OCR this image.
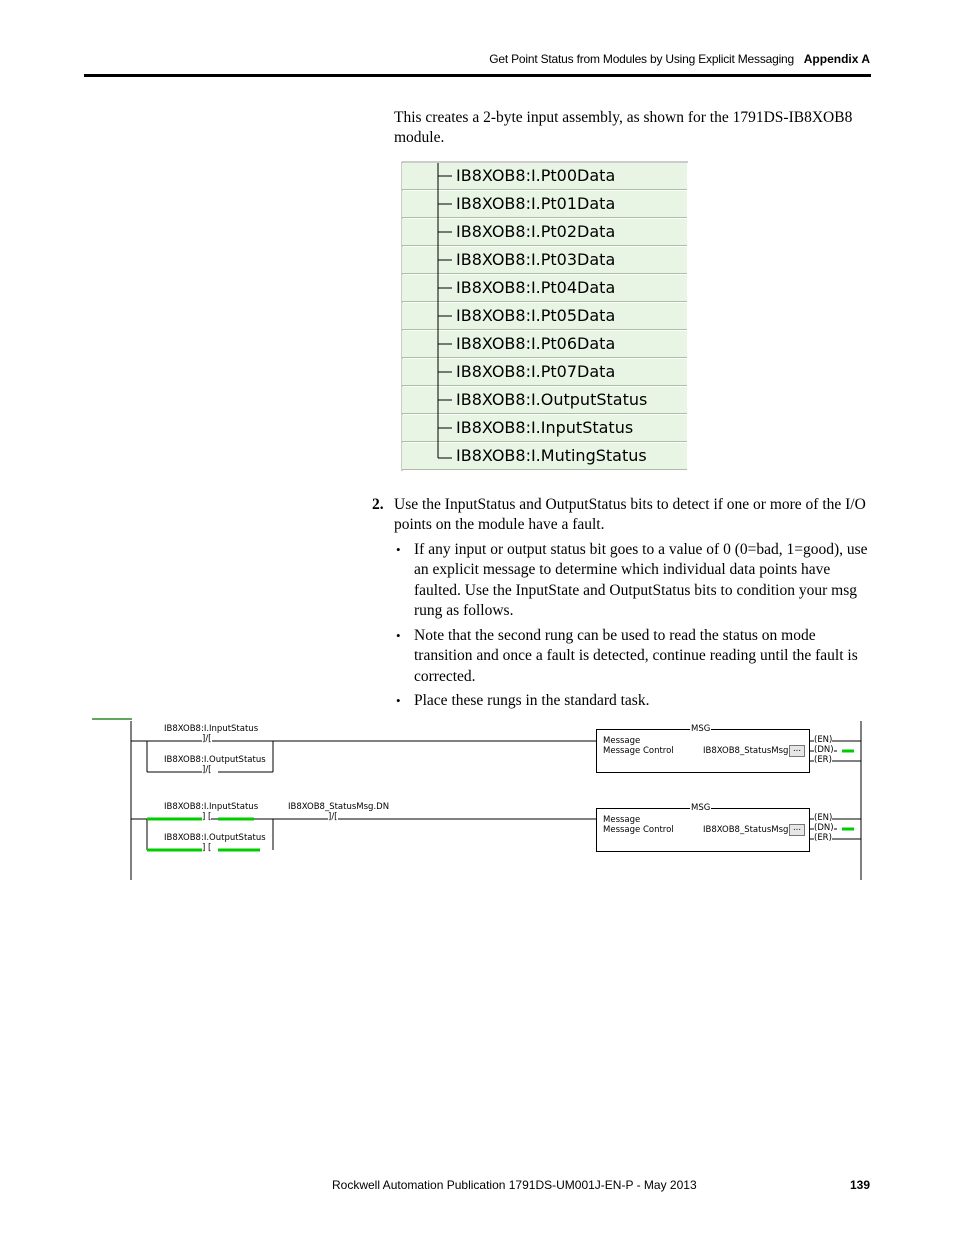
Get Point Status from Modules by Using Explicit Messaging Appendix A
This creates a 2-byte input assembly, as shown for the 1791DS-IB8XOB8 module.
IB8XOB8:I.Pt00Data
IB8XOB8:I.Pt01Data
IB8XOB8:I.Pt02Data
IB8XOB8:I.Pt03Data
IB8XOB8:I.Pt04Data
IB8XOB8:I.Pt05Data
IB8XOB8:I.Pt06Data
IB8XOB8:I.Pt07Data
IB8XOB8:I.OutputStatus
IB8XOB8:I.InputStatus
IB8XOB8:I.MutingStatus
2. Use the InputStatus and OutputStatus bits to detect if one or more of the I/O points on the module have a fault.
• If any input or output status bit goes to a value of 0 (0=bad, 1=good), use an explicit message to determine which individual data points have faulted. Use the InputState and OutputStatus bits to condition your msg rung as follows.
• Note that the second rung can be used to read the status on mode transition and once a fault is detected, continue reading until the fault is corrected.
• Place these rungs in the standard task.
IB8XOB8:I.InputStatus
]/[
IB8XOB8:I.OutputStatus
]/[
MSG
Message
Message Control	IB8XOB8_StatusMsg ...
(EN)
(DN)
(ER)
IB8XOB8:I.InputStatus
] [
IB8XOB8:I.OutputStatus
] [
IB8XOB8_StatusMsg.DN
]/[
MSG
Message
Message Control	IB8XOB8_StatusMsg ...
(EN)
(DN)
(ER)
Rockwell Automation Publication 1791DS-UM001J-EN-P - May 2013	139
